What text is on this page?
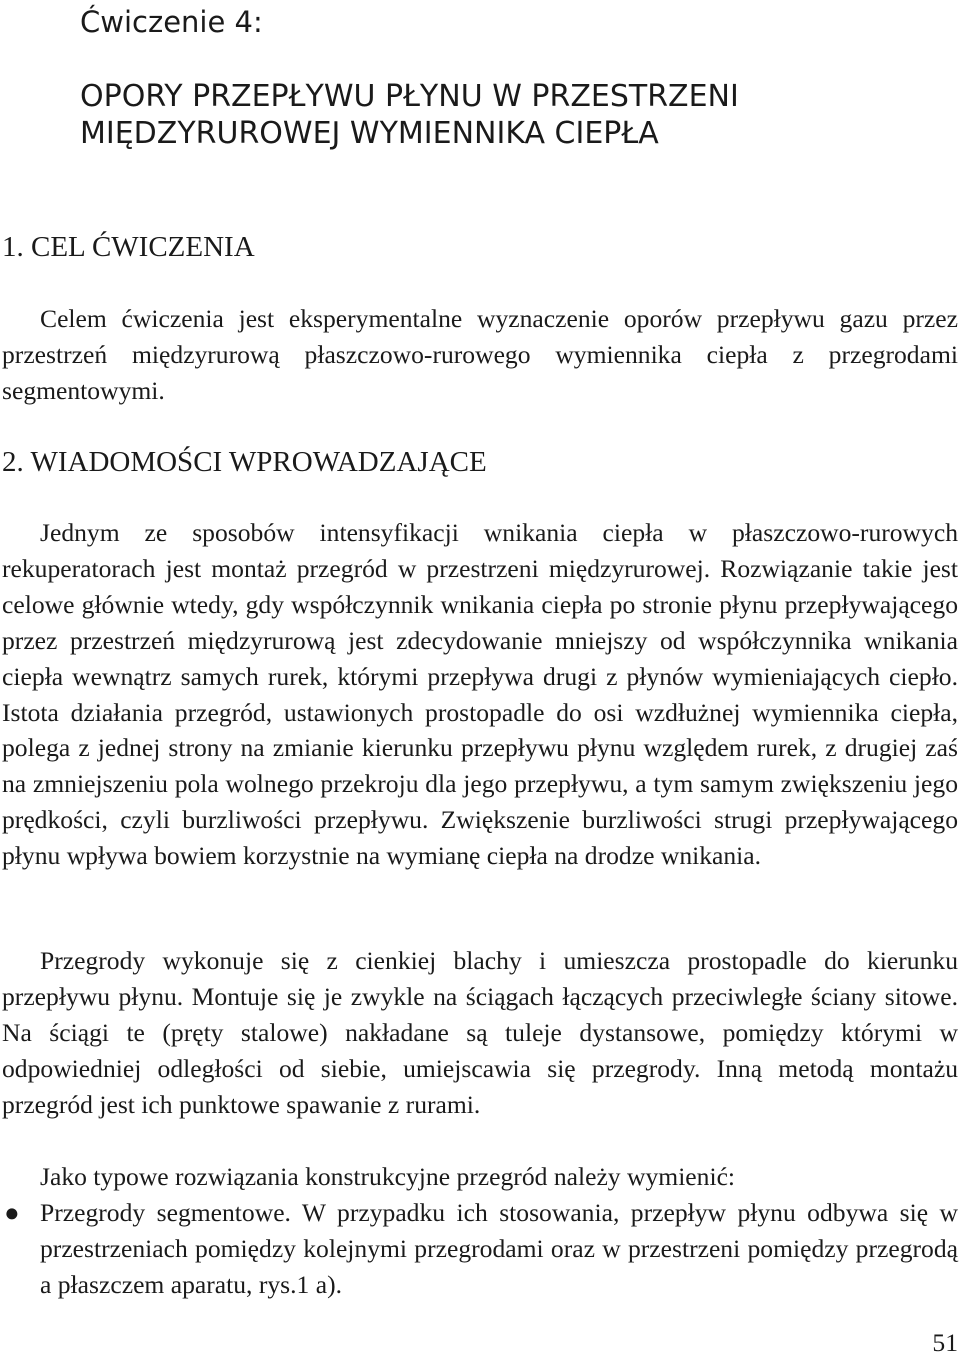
Ćwiczenie 4:
OPORY PRZEPŁYWU PŁYNU W PRZESTRZENI
MIĘDZYRUROWEJ WYMIENNIKA CIEPŁA
1. CEL ĆWICZENIA
Celem ćwiczenia jest eksperymentalne wyznaczenie oporów przepływu gazu przez przestrzeń międzyrurową płaszczowo-rurowego wymiennika ciepła z przegrodami segmentowymi.
2. WIADOMOŚCI WPROWADZAJĄCE
Jednym ze sposobów intensyfikacji wnikania ciepła w płaszczowo-rurowych rekuperatorach jest montaż przegród w przestrzeni międzyrurowej. Rozwiązanie takie jest celowe głównie wtedy, gdy współczynnik wnikania ciepła po stronie płynu przepływającego przez przestrzeń międzyrurową jest zdecydowanie mniejszy od współczynnika wnikania ciepła wewnątrz samych rurek, którymi przepływa drugi z płynów wymieniających ciepło. Istota działania przegród, ustawionych prostopadle do osi wzdłużnej wymiennika ciepła, polega z jednej strony na zmianie kierunku przepływu płynu względem rurek, z drugiej zaś na zmniejszeniu pola wolnego przekroju dla jego przepływu, a tym samym zwiększeniu jego prędkości, czyli burzliwości przepływu. Zwiększenie burzliwości strugi przepływającego płynu wpływa bowiem korzystnie na wymianę ciepła na drodze wnikania.
Przegrody wykonuje się z cienkiej blachy i umieszcza prostopadle do kierunku przepływu płynu. Montuje się je zwykle na ściągach łączących przeciwległe ściany sitowe. Na ściągi te (pręty stalowe) nakładane są tuleje dystansowe, pomiędzy którymi w odpowiedniej odległości od siebie, umiejscawia się przegrody. Inną metodą montażu przegród jest ich punktowe spawanie z rurami.
Jako typowe rozwiązania konstrukcyjne przegród należy wymienić:
● Przegrody segmentowe. W przypadku ich stosowania, przepływ płynu odbywa się w przestrzeniach pomiędzy kolejnymi przegrodami oraz w przestrzeni pomiędzy przegrodą a płaszczem aparatu, rys.1 a).
51
